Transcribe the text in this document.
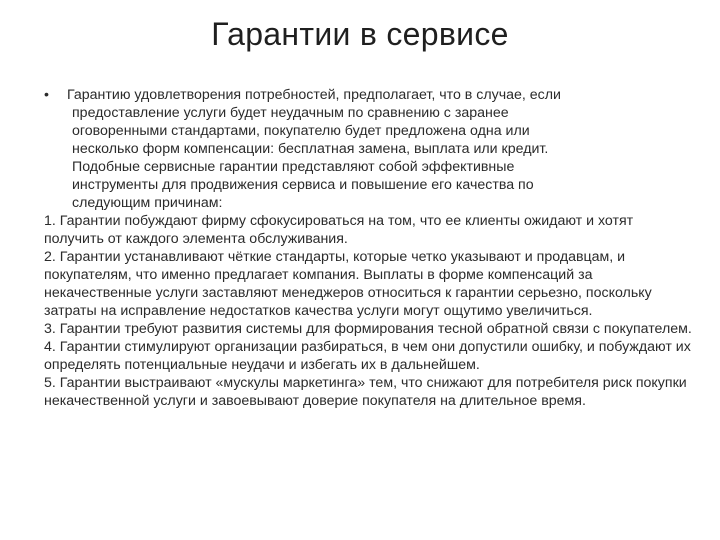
Гарантии в сервисе
•	Гарантию удовлетворения потребностей, предполагает, что в случае, если
предоставление услуги будет неудачным по сравнению с заранее
оговоренными стандартами, покупателю будет предложена одна или
несколько форм компенсации: бесплатная замена, выплата или кредит.
Подобные сервисные гарантии представляют собой эффективные
инструменты для продвижения сервиса и повышение его качества по
следующим причинам:

1. Гарантии побуждают фирму сфокусироваться на том, что ее клиенты ожидают и хотят получить от каждого элемента обслуживания.

2. Гарантии устанавливают чёткие стандарты, которые четко указывают и продавцам, и покупателям, что именно предлагает компания. Выплаты в форме компенсаций за некачественные услуги заставляют менеджеров относиться к гарантии серьезно, поскольку затраты на исправление недостатков качества услуги могут ощутимо увеличиться.

3. Гарантии требуют развития системы для формирования тесной обратной связи с покупателем.

4. Гарантии стимулируют организации разбираться, в чем они допустили ошибку, и побуждают их определять потенциальные неудачи и избегать их в дальнейшем.

5. Гарантии выстраивают «мускулы маркетинга» тем, что снижают для потребителя риск покупки некачественной услуги и завоевывают доверие покупателя на длительное время.
